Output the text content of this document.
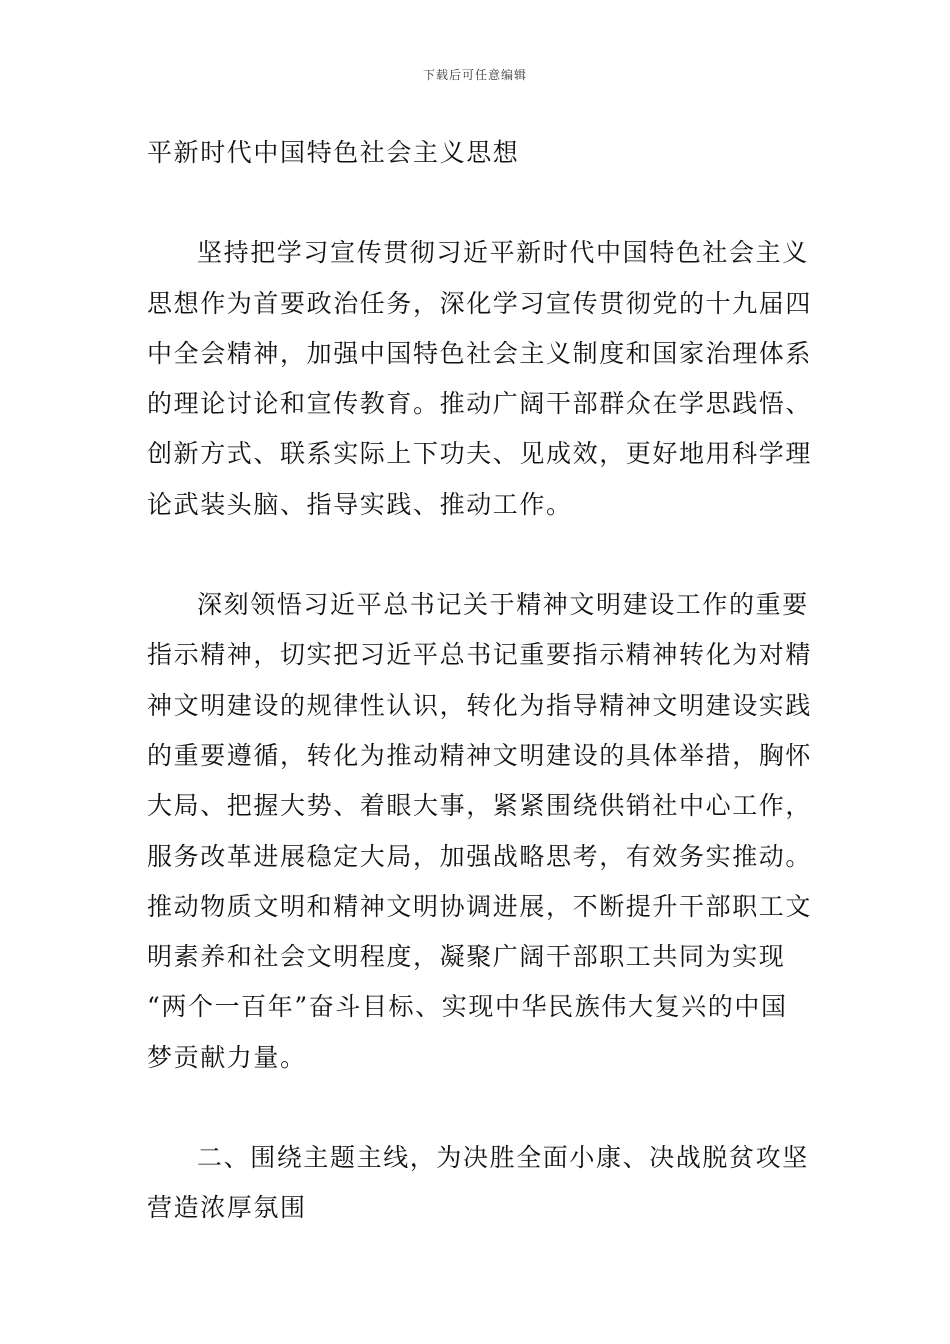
下载后可任意编辑
平新时代中国特色社会主义思想
坚持把学习宣传贯彻习近平新时代中国特色社会主义
思想作为首要政治任务，深化学习宣传贯彻党的十九届四
中全会精神，加强中国特色社会主义制度和国家治理体系
的理论讨论和宣传教育。推动广阔干部群众在学思践悟、
创新方式、联系实际上下功夫、见成效，更好地用科学理
论武装头脑、指导实践、推动工作。
深刻领悟习近平总书记关于精神文明建设工作的重要
指示精神，切实把习近平总书记重要指示精神转化为对精
神文明建设的规律性认识，转化为指导精神文明建设实践
的重要遵循，转化为推动精神文明建设的具体举措，胸怀
大局、把握大势、着眼大事，紧紧围绕供销社中心工作，
服务改革进展稳定大局，加强战略思考，有效务实推动。
推动物质文明和精神文明协调进展，不断提升干部职工文
明素养和社会文明程度，凝聚广阔干部职工共同为实现
“两个一百年”奋斗目标、实现中华民族伟大复兴的中国
梦贡献力量。
二、围绕主题主线，为决胜全面小康、决战脱贫攻坚
营造浓厚氛围
